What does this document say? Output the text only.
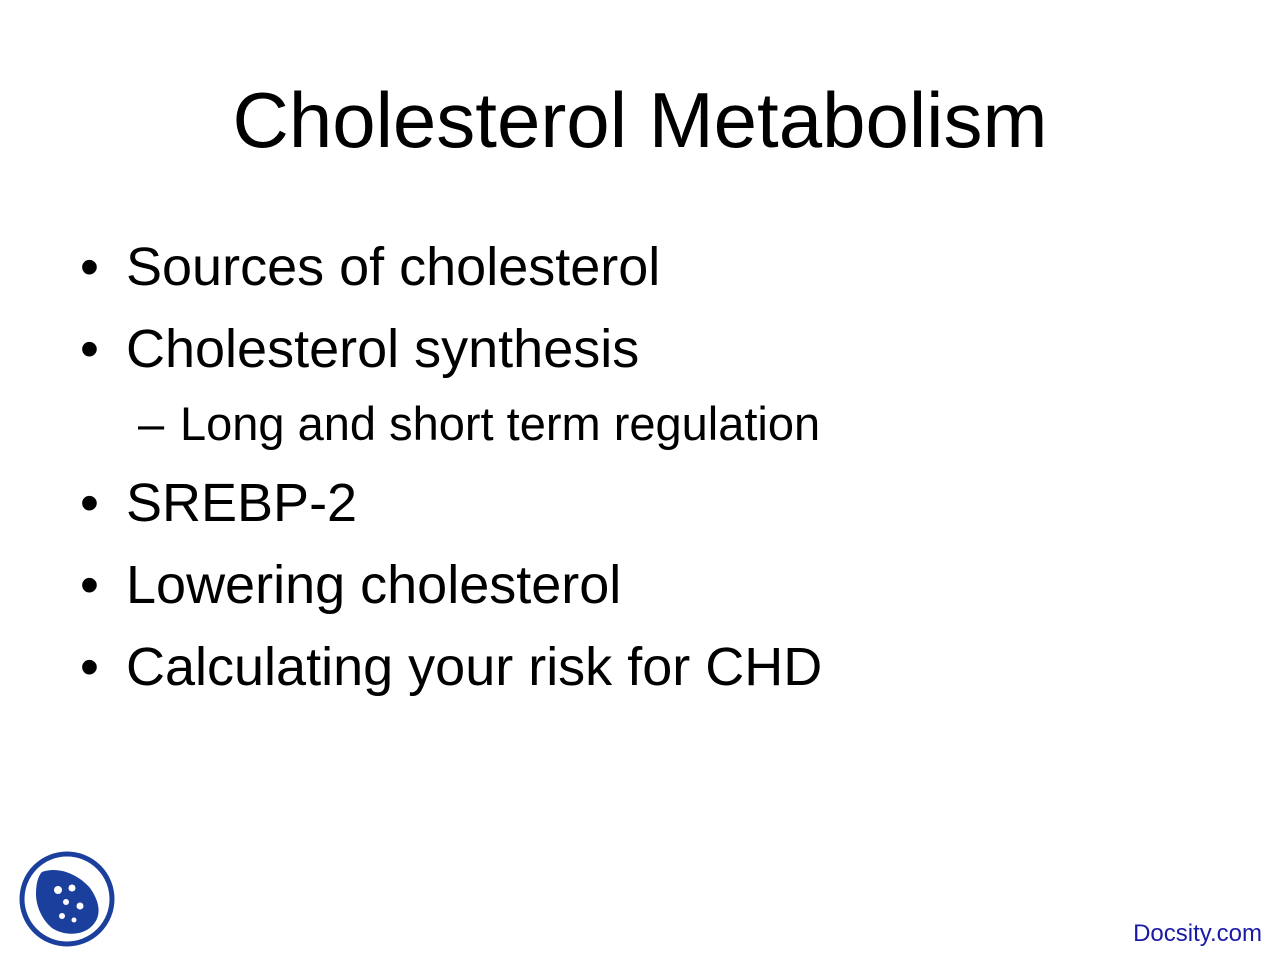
Cholesterol Metabolism
• Sources of cholesterol
• Cholesterol synthesis
– Long and short term regulation
• SREBP-2
• Lowering cholesterol
• Calculating your risk for CHD
Docsity.com
